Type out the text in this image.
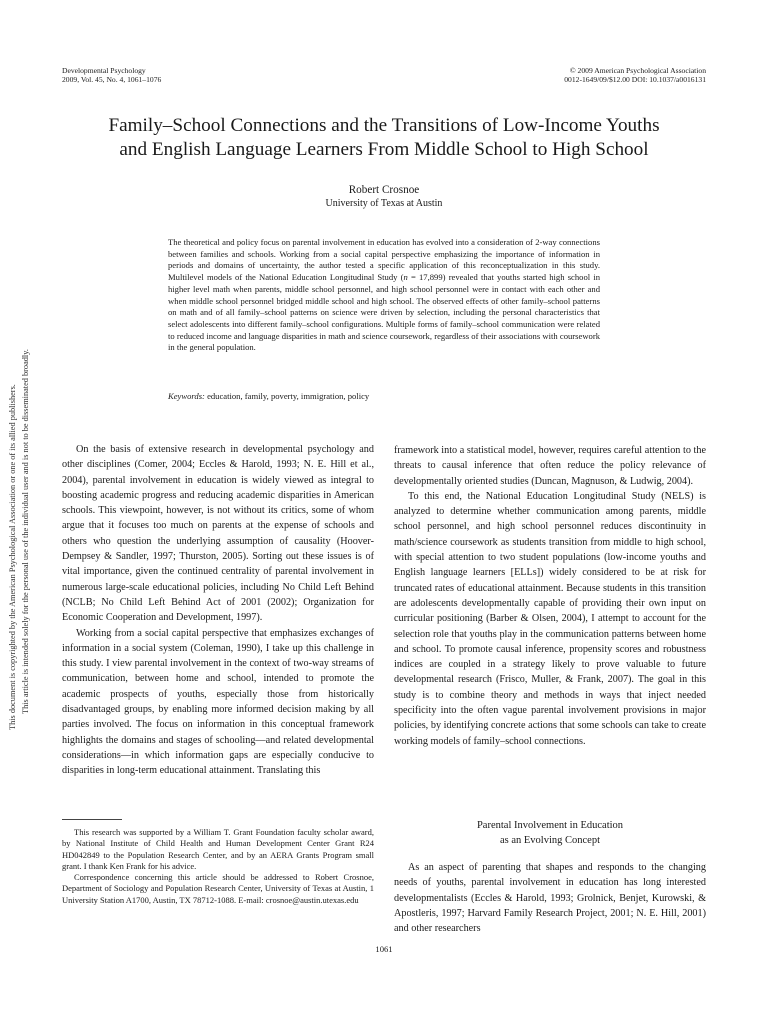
Developmental Psychology
2009, Vol. 45, No. 4, 1061–1076
© 2009 American Psychological Association
0012-1649/09/$12.00 DOI: 10.1037/a0016131
Family–School Connections and the Transitions of Low-Income Youths
and English Language Learners From Middle School to High School
Robert Crosnoe
University of Texas at Austin

The theoretical and policy focus on parental involvement in education has evolved into a consideration of 2-way connections between families and schools. Working from a social capital perspective emphasizing the importance of information in periods and domains of uncertainty, the author tested a specific application of this reconceptualization in this study. Multilevel models of the National Education Longitudinal Study (n = 17,899) revealed that youths started high school in higher level math when parents, middle school personnel, and high school personnel were in contact with each other and when middle school personnel bridged middle school and high school. The observed effects of other family–school patterns on math and of all family–school patterns on science were driven by selection, including the personal characteristics that select adolescents into different family–school configurations. Multiple forms of family–school communication were related to reduced income and language disparities in math and science coursework, regardless of their associations with coursework in the general population.

Keywords: education, family, poverty, immigration, policy
This document is copyrighted by the American Psychological Association or one of its allied publishers. This article is intended solely for the personal use of the individual user and is not to be disseminated broadly.	On the basis of extensive research in developmental psychology and other disciplines (Comer, 2004; Eccles & Harold, 1993; N. E. Hill et al., 2004), parental involvement in education is widely viewed as integral to boosting academic progress and reducing academic disparities in American schools. This viewpoint, however, is not without its critics, some of whom argue that it focuses too much on parents at the expense of schools and others who question the underlying assumption of causality (Hoover-Dempsey & Sandler, 1997; Thurston, 2005). Sorting out these issues is of vital importance, given the continued centrality of parental involvement in numerous large-scale educational policies, including No Child Left Behind (NCLB; No Child Left Behind Act of 2001 (2002); Organization for Economic Cooperation and Development, 1997).

Working from a social capital perspective that emphasizes exchanges of information in a social system (Coleman, 1990), I take up this challenge in this study. I view parental involvement in the context of two-way streams of communication, between home and school, intended to promote the academic prospects of youths, especially those from historically disadvantaged groups, by enabling more informed decision making by all parties involved. The focus on information in this conceptual framework highlights the domains and stages of schooling—and related developmental considerations—in which information gaps are especially conducive to disparities in long-term educational attainment. Translating this

This research was supported by a William T. Grant Foundation faculty scholar award, by National Institute of Child Health and Human Development Center Grant R24 HD042849 to the Population Research Center, and by an AERA Grants Program small grant. I thank Ken Frank for his advice.

Correspondence concerning this article should be addressed to Robert Crosnoe, Department of Sociology and Population Research Center, University of Texas at Austin, 1 University Station A1700, Austin, TX 78712-1088. E-mail: crosnoe@austin.utexas.edu

framework into a statistical model, however, requires careful attention to the threats to causal inference that often reduce the policy relevance of developmentally oriented studies (Duncan, Magnuson, & Ludwig, 2004).

To this end, the National Education Longitudinal Study (NELS) is analyzed to determine whether communication among parents, middle school personnel, and high school personnel reduces discontinuity in math/science coursework as students transition from middle to high school, with special attention to two student populations (low-income youths and English language learners [ELLs]) widely considered to be at risk for truncated rates of educational attainment. Because students in this transition are adolescents developmentally capable of providing their own input on curricular positioning (Barber & Olsen, 2004), I attempt to account for the selection role that youths play in the communication patterns between home and school. To promote causal inference, propensity scores and robustness indices are coupled in a strategy likely to prove valuable to future developmental research (Frisco, Muller, & Frank, 2007). The goal in this study is to combine theory and methods in ways that inject needed specificity into the often vague parental involvement provisions in major policies, by identifying concrete actions that some schools can take to create working models of family–school connections.

Parental Involvement in Education
as an Evolving Concept

As an aspect of parenting that shapes and responds to the changing needs of youths, parental involvement in education has long interested developmentalists (Eccles & Harold, 1993; Grolnick, Benjet, Kurowski, & Apostleris, 1997; Harvard Family Research Project, 2001; N. E. Hill, 2001) and other researchers

1061
